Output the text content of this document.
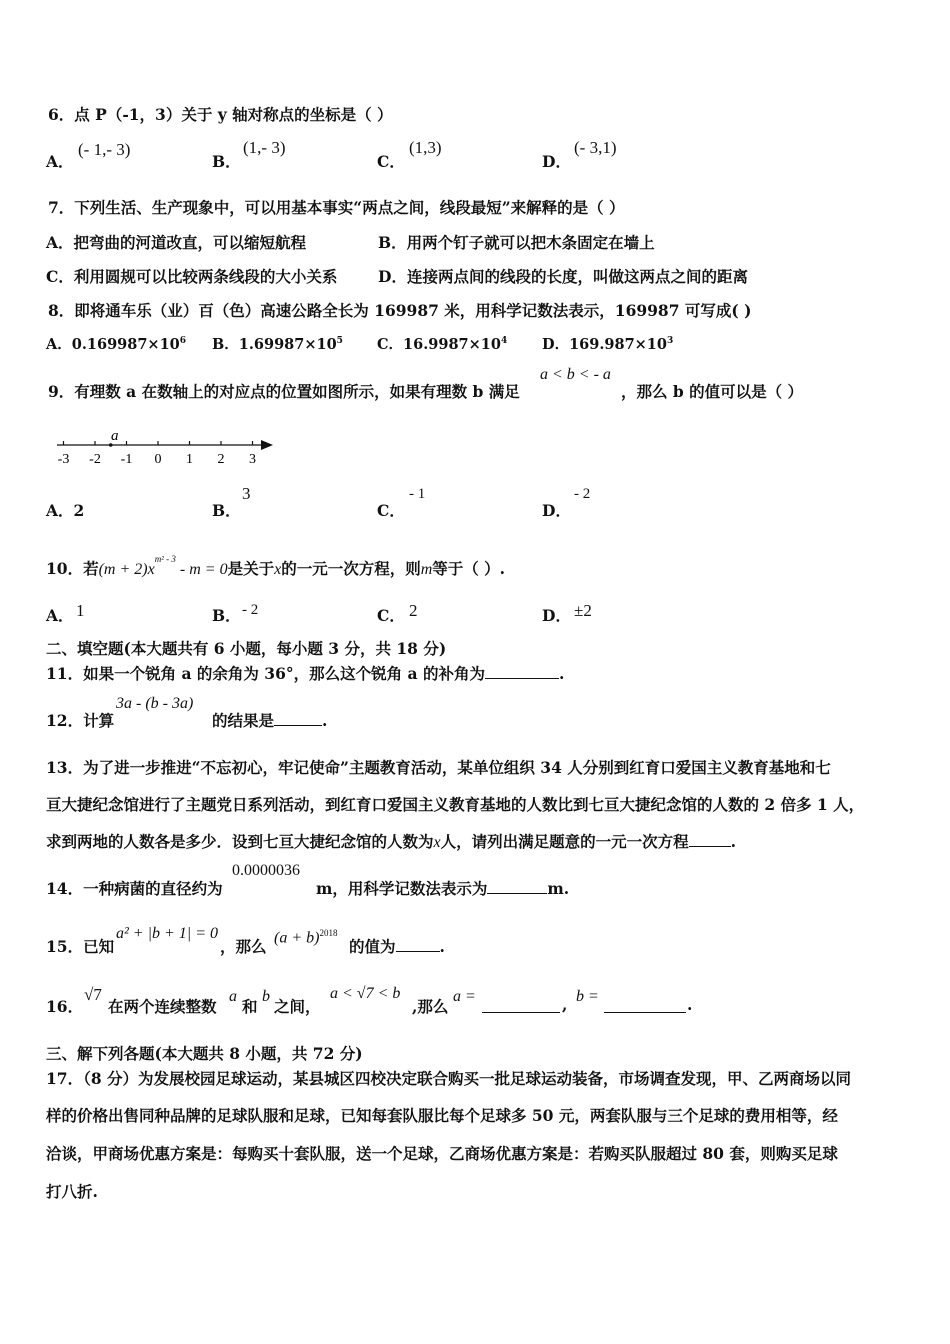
6．点 P（-1，3）关于 y 轴对称点的坐标是（ ）
A．
(- 1,- 3)
B．
(1,- 3)
C．
(1,3)
D．
(- 3,1)
7．下列生活、生产现象中，可以用基本事实“两点之间，线段最短”来解释的是（ ）
A．把弯曲的河道改直，可以缩短航程	B．用两个钉子就可以把木条固定在墙上
C．利用圆规可以比较两条线段的大小关系	D．连接两点间的线段的长度，叫做这两点之间的距离
8．即将通车乐（业）百（色）高速公路全长为 169987 米，用科学记数法表示，169987 可写成( )
A．$0.169987\times 10^6$ B．$1.69987\times 10^5$ C．$16.9987\times 10^4$ D．$169.987\times 10^3$
9．有理数 a 在数轴上的对应点的位置如图所示，如果有理数 b 满足
a < b < - a
，那么 b 的值可以是（ ）
-3 -2 -1 0 1 2 3
a
A．2	B．
3
C．
- 1
D．
- 2
10．若$(m + 2)x^{m^2 - 3} - m = 0$是关于x的一元一次方程，则m等于（ ）.
A． 1	B． - 2	C． 2	D． ±2
二、填空题(本大题共有 6 小题，每小题 3 分，共 18 分)
11．如果一个锐角 a 的余角为 36°，那么这个锐角 a 的补角为	.
12．计算
3a - (b - 3a)
的结果是	.
13．为了进一步推进“不忘初心，牢记使命”主题教育活动，某单位组织 34 人分别到红育口爱国主义教育基地和七
亘大捷纪念馆进行了主题党日系列活动，到红育口爱国主义教育基地的人数比到七亘大捷纪念馆的人数的 2 倍多 1 人，
求到两地的人数各是多少．设到七亘大捷纪念馆的人数为x人，请列出满足题意的一元一次方程	.
14．一种病菌的直径约为
0.0000036
m，用科学记数法表示为	m.
15．已知
a² + |b + 1| = 0
，那么 $(a + b)^{2018}$
的值为	.
16．
√7
在两个连续整数
a
和
b
之间，
a < √7 < b
,那么
a =	, b =	.
三、解下列各题(本大题共 8 小题，共 72 分)
17．（8 分）为发展校园足球运动，某县城区四校决定联合购买一批足球运动装备，市场调查发现，甲、乙两商场以同
样的价格出售同种品牌的足球队服和足球，已知每套队服比每个足球多 50 元，两套队服与三个足球的费用相等，经
洽谈，甲商场优惠方案是：每购买十套队服，送一个足球，乙商场优惠方案是：若购买队服超过 80 套，则购买足球
打八折.
